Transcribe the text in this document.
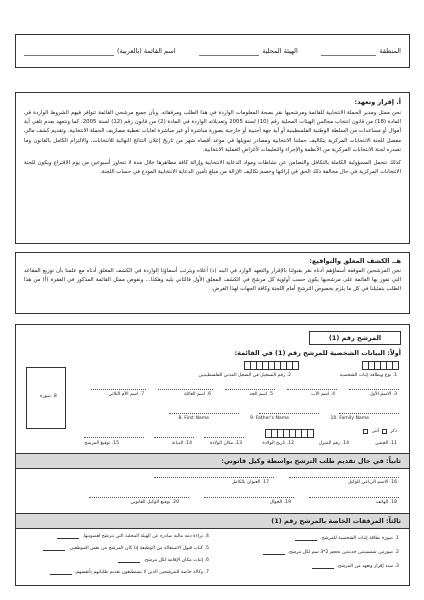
المنطقة
الهيئة المحلية
اسم القائمة (بالعربية)
أ. إقرار وتعهد:

نحن ممثل ومدير الحملة الانتخابية للقائمة ومرشحيها نقر بصحة المعلومات الواردة في هذا الطلب ومرفقاته. وبأن جميع مرشحي القائمة تتوافر فيهم الشروط الواردة في المادة (18) من قانون انتخاب مجالس الهيئات المحلية رقم (10) لسنة 2005 وتعديلاته الواردة في المادة (2) من قانون رقم (12) لسنة 2005. كما ونتعهد بعدم تلقي أية أموال أو مساعدات من السلطة الوطنية الفلسطينية أو أية جهة أجنبية أو خارجية بصورة مباشرة أو غير مباشرة لغايات تغطية مصاريف الحملة الانتخابية. وتقديم كشف مالي مفصل للجنة الانتخابات المركزية يتكاليف حملتنا الانتخابية ومصادر تمويلها في موعد أقصاه شهر من تاريخ إعلان النتائج النهائية للانتخابات، والالتزام الكامل بالقانون وما تصدره لجنة الانتخابات المركزية من الأنظمة والإجراء والتعليمات لأغراض العملية الانتخابية.

كذلك نتحمل المسؤولية الكاملة بالتكافل والتضامن عن نشاطات ومواد الدعاية الانتخابية وإزالة كافة مظاهرها خلال مدة لا تتجاوز أسبوعين من يوم الاقتراع ويكون للجنة الانتخابات المركزية في حال مخالفة ذلك الحق في إزالتها وخصم تكاليف الإزالة من مبلغ تأمين الدعاية الانتخابية المودع في حساب اللجنة.

هـ. الكشف المغلق والتواقيع:

نحن المرشحين الموقعة أسماؤهم أدناه نقر بقبولنا بالإقرار والتعهد الوارد في البند (د) أعلاه ويترتب أسماؤنا الواردة في الكشف المغلق أدناه مع علمنا بأن توزيع المقاعد التي تفوز بها القائمة على مرشحيها يكون حسب أولوية كل مرشح في الكشف المغلق الأول فالثاني يليه وهكذا... ونفوض ممثل القائمة المذكور في الفقرة (أ) من هذا الطلب بتمثيلنا في كل ما يلزم بخصوص الترشح أمام اللجنة وكافة الجهات لهذا الغرض.

المرشح رقم (1)
أولاً: البيانات الشخصية للمرشح رقم (1) في القائمة:
1. نوع وبطاقة إثبات الشخصية
2. رقم التسجيل في السجل المدني للفلسطينيين
3. الاسم الأول
4. اسم الأب
5. اسم الجد
6. اسم العائلة
7. اسم الأم الثلاثي
8. صورة
10. Family Name
9. Father's Name
8. First Name
ذكر
أنثى
11. الجنس
14. رقم المنزل
12. تاريخ الولادة
13. مكان الولادة
14. الديانة
15. توقيع المرشح
ثانياً: في حال تقديم طلب الترشح بواسطة وكيل قانوني:
16. الاسم الرباعي للوكيل
17. العنوان بالكامل
18. الهاتف
19. الجوال
20. توقيع الوكيل القانوني
ثالثاً: المرفقات الخاصة بالمرشح رقم (1)
1. صورة بطاقة إثبات الشخصية للمرشح.
2. صورتين شمسيتين حديثتين بحجم 2*3 سم لكل مرشح.
3. سند إقرار وتعهد من المرشح.
4. براءة ذمة مالية صادرة عن الهيئة المحلية التي يترشح لعضويتها.
5. كتاب قبول الاستقالة من الوظيفة إذا كان المرشح من بعض الموظفين.
6. إثبات مكان الإقامة لكل مرشح.
7. وكالة خاصة للمرشحين الذين لا يستطيعون تقديم طلباتهم بأنفسهم.
